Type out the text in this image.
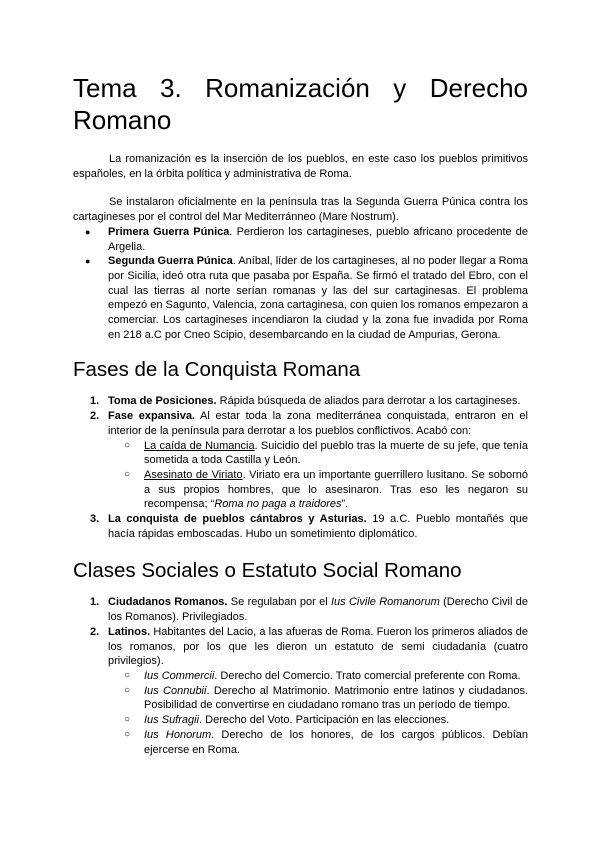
Tema 3. Romanización y Derecho
Romano

La romanización es la inserción de los pueblos, en este caso los pueblos primitivos españoles, en la órbita política y administrativa de Roma.

Se instalaron oficialmente en la península tras la Segunda Guerra Púnica contra los cartagineses por el control del Mar Mediterránneo (Mare Nostrum).

● Primera Guerra Púnica. Perdieron los cartagineses, pueblo africano procedente de Argelia.
● Segunda Guerra Púnica. Aníbal, líder de los cartagineses, al no poder llegar a Roma por Sicilia, ideó otra ruta que pasaba por España. Se firmó el tratado del Ebro, con el cual las tierras al norte serían romanas y las del sur cartaginesas. El problema empezó en Sagunto, Valencia, zona cartaginesa, con quien los romanos empezaron a comerciar. Los cartagineses incendiaron la ciudad y la zona fue invadida por Roma en 218 a.C por Cneo Scipio, desembarcando en la ciudad de Ampurias, Gerona.
Fases de la Conquista Romana
1. Toma de Posiciones. Rápida búsqueda de aliados para derrotar a los cartagineses.
2. Fase expansiva. Al estar toda la zona mediterránea conquistada, entraron en el interior de la península para derrotar a los pueblos conflictivos. Acabó con:
○ La caída de Numancia. Suicidio del pueblo tras la muerte de su jefe, que tenía sometida a toda Castilla y León.
○ Asesinato de Viriato. Viriato era un importante guerrillero lusitano. Se sobornó a sus propios hombres, que lo asesinaron. Tras eso les negaron su recompensa; “Roma no paga a traidores”.
3. La conquista de pueblos cántabros y Asturias. 19 a.C. Pueblo montañés que hacía rápidas emboscadas. Hubo un sometimiento diplomático.
Clases Sociales o Estatuto Social Romano
1. Ciudadanos Romanos. Se regulaban por el Ius Civile Romanorum (Derecho Civil de los Romanos). Privilegiados.
2. Latinos. Habitantes del Lacio, a las afueras de Roma. Fueron los primeros aliados de los romanos, por los que les dieron un estatuto de semi ciudadanía (cuatro privilegios).
○ Ius Commercii. Derecho del Comercio. Trato comercial preferente con Roma.
○ Ius Connubii. Derecho al Matrimonio. Matrimonio entre latinos y ciudadanos. Posibilidad de convertirse en ciudadano romano tras un período de tiempo.
○ Ius Sufragii. Derecho del Voto. Participación en las elecciones.
○ Ius Honorum. Derecho de los honores, de los cargos públicos. Debían ejercerse en Roma.
